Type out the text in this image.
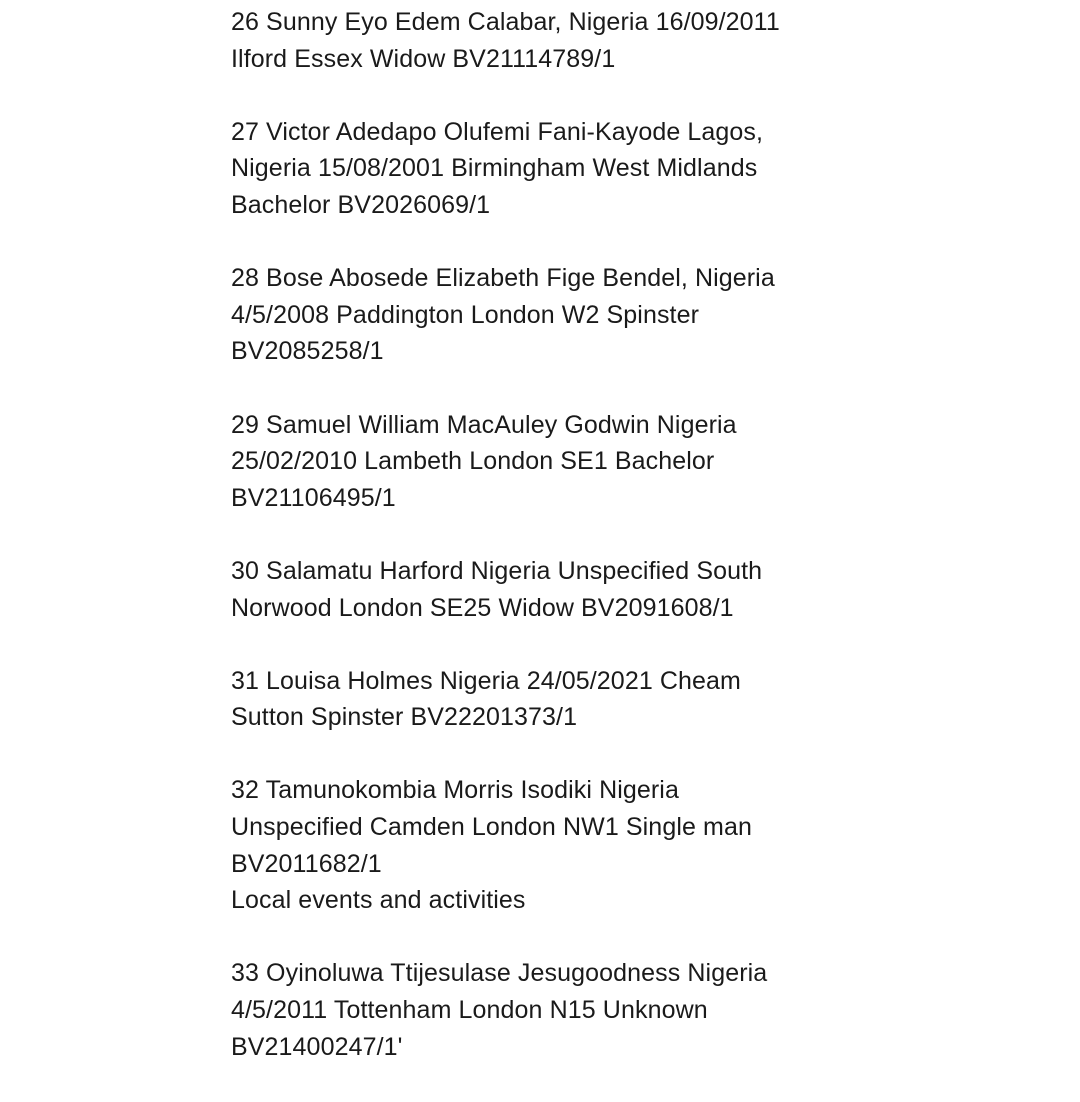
26 Sunny Eyo Edem Calabar, Nigeria 16/09/2011
Ilford Essex Widow BV21114789/1
27 Victor Adedapo Olufemi Fani-Kayode Lagos,
Nigeria 15/08/2001 Birmingham West Midlands
Bachelor BV2026069/1
28 Bose Abosede Elizabeth Fige Bendel, Nigeria
4/5/2008 Paddington London W2 Spinster
BV2085258/1
29 Samuel William MacAuley Godwin Nigeria
25/02/2010 Lambeth London SE1 Bachelor
BV21106495/1
30 Salamatu Harford Nigeria Unspecified South
Norwood London SE25 Widow BV2091608/1
31 Louisa Holmes Nigeria 24/05/2021 Cheam
Sutton Spinster BV22201373/1
32 Tamunokombia Morris Isodiki Nigeria
Unspecified Camden London NW1 Single man
BV2011682/1
Local events and activities
33 Oyinoluwa Ttijesulase Jesugoodness Nigeria
4/5/2011 Tottenham London N15 Unknown
BV21400247/1'
